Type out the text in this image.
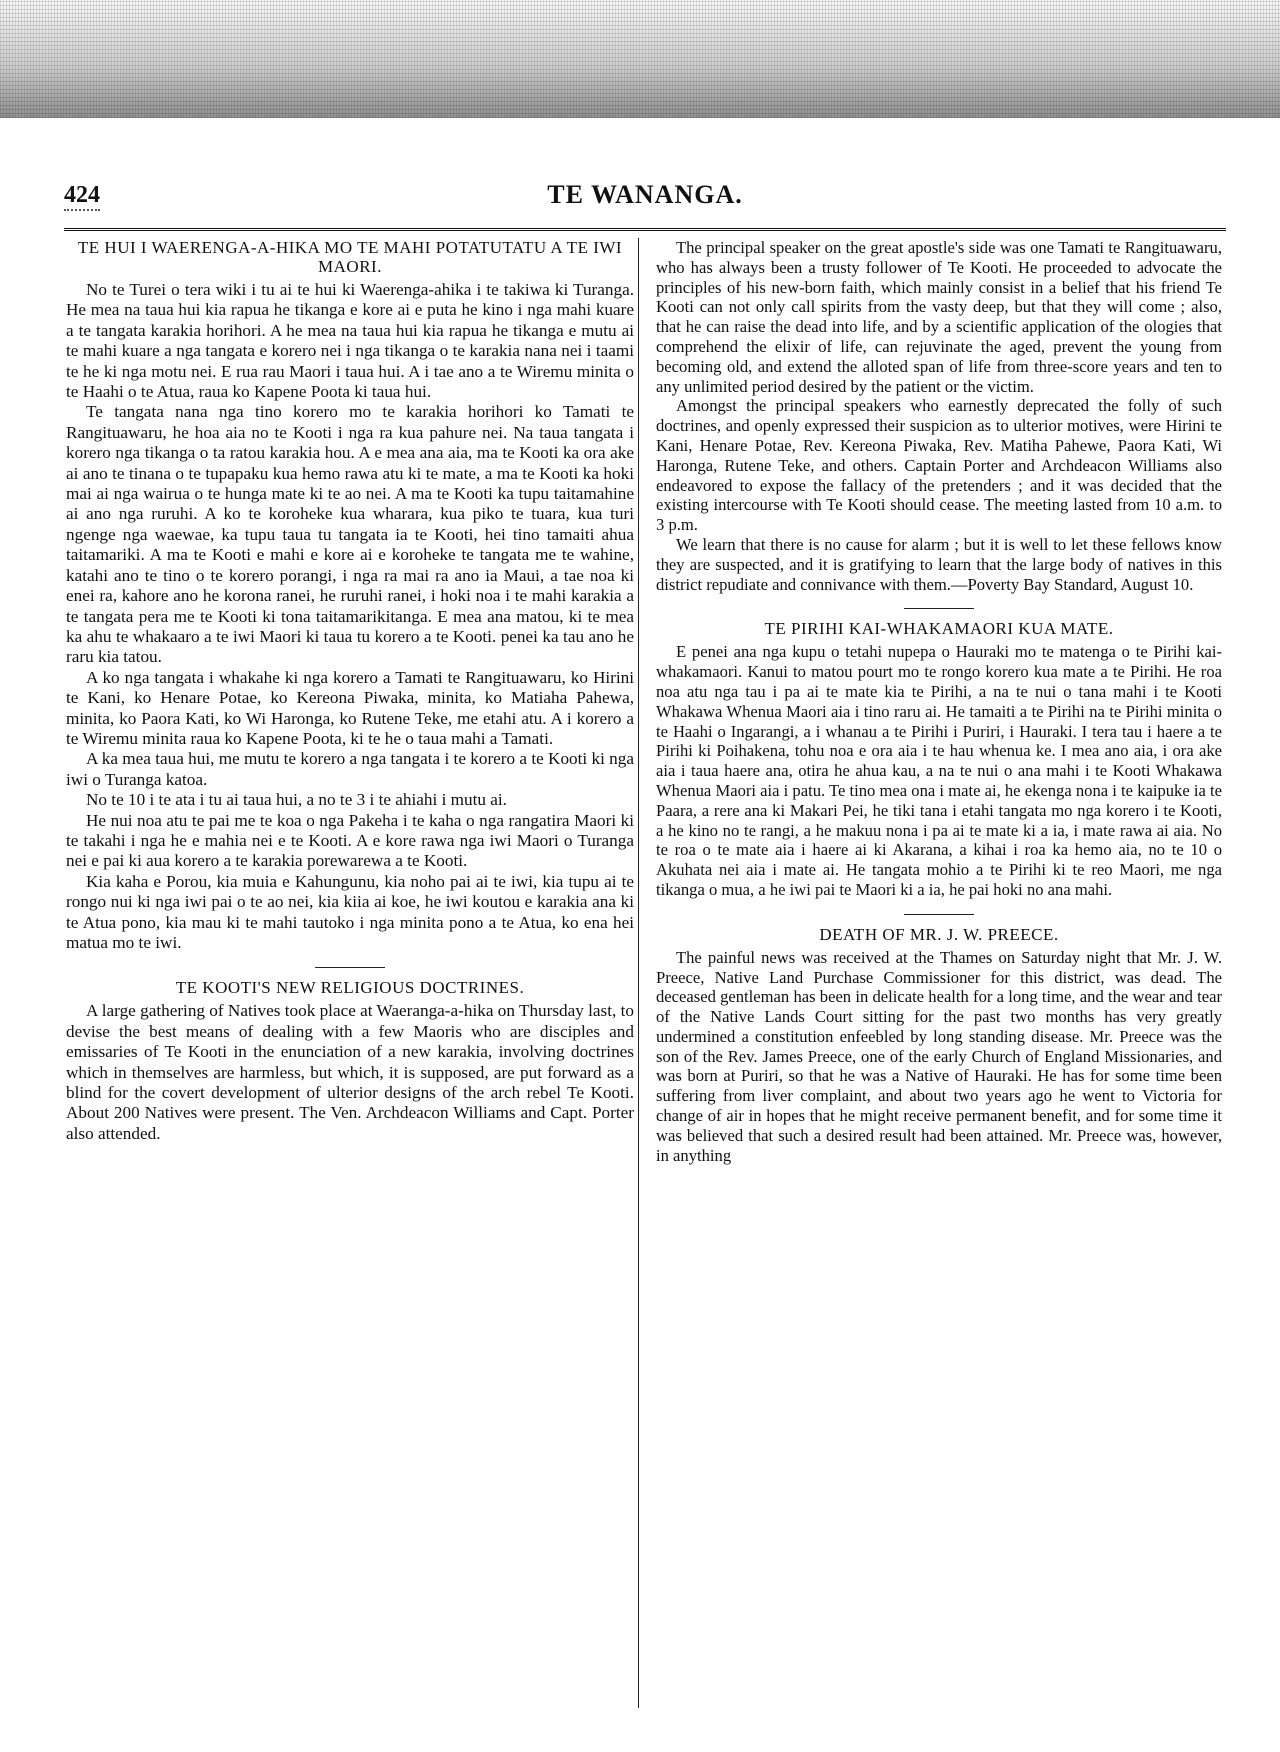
424	TE WANANGA.
TE HUI I WAERENGA-A-HIKA MO TE MAHI POTATUTATU A TE IWI MAORI.

No te Turei o tera wiki i tu ai te hui ki Waerenga-ahika i te takiwa ki Turanga. He mea na taua hui kia rapua he tikanga e kore ai e puta he kino i nga mahi kuare a te tangata karakia horihori. A he mea na taua hui kia rapua he tikanga e mutu ai te mahi kuare a nga tangata e korero nei i nga tikanga o te karakia nana nei i taami te he ki nga motu nei. E rua rau Maori i taua hui. A i tae ano a te Wiremu minita o te Haahi o te Atua, raua ko Kapene Poota ki taua hui.

Te tangata nana nga tino korero mo te karakia horihori ko Tamati te Rangituawaru, he hoa aia no te Kooti i nga ra kua pahure nei. Na taua tangata i korero nga tikanga o ta ratou karakia hou. A e mea ana aia, ma te Kooti ka ora ake ai ano te tinana o te tupapaku kua hemo rawa atu ki te mate, a ma te Kooti ka hoki mai ai nga wairua o te hunga mate ki te ao nei. A ma te Kooti ka tupu taitamahine ai ano nga ruruhi. A ko te koroheke kua wharara, kua piko te tuara, kua turi ngenge nga waewae, ka tupu taua tu tangata ia te Kooti, hei tino tamaiti ahua taitamariki. A ma te Kooti e mahi e kore ai e koroheke te tangata me te wahine, katahi ano te tino o te korero porangi, i nga ra mai ra ano ia Maui, a tae noa ki enei ra, kahore ano he korona ranei, he ruruhi ranei, i hoki noa i te mahi karakia a te tangata pera me te Kooti ki tona taitamarikitanga. E mea ana matou, ki te mea ka ahu te whakaaro a te iwi Maori ki taua tu korero a te Kooti. penei ka tau ano he raru kia tatou.

A ko nga tangata i whakahe ki nga korero a Tamati te Rangituawaru, ko Hirini te Kani, ko Henare Potae, ko Kereona Piwaka, minita, ko Matiaha Pahewa, minita, ko Paora Kati, ko Wi Haronga, ko Rutene Teke, me etahi atu. A i korero a te Wiremu minita raua ko Kapene Poota, ki te he o taua mahi a Tamati.

A ka mea taua hui, me mutu te korero a nga tangata i te korero a te Kooti ki nga iwi o Turanga katoa.

No te 10 i te ata i tu ai taua hui, a no te 3 i te ahiahi i mutu ai.

He nui noa atu te pai me te koa o nga Pakeha i te kaha o nga rangatira Maori ki te takahi i nga he e mahia nei e te Kooti. A e kore rawa nga iwi Maori o Turanga nei e pai ki aua korero a te karakia porewarewa a te Kooti.

Kia kaha e Porou, kia muia e Kahungunu, kia noho pai ai te iwi, kia tupu ai te rongo nui ki nga iwi pai o te ao nei, kia kiia ai koe, he iwi koutou e karakia ana ki te Atua pono, kia mau ki te mahi tautoko i nga minita pono a te Atua, ko ena hei matua mo te iwi.

TE KOOTI'S NEW RELIGIOUS DOCTRINES.

A large gathering of Natives took place at Waeranga-a-hika on Thursday last, to devise the best means of dealing with a few Maoris who are disciples and emissaries of Te Kooti in the enunciation of a new karakia, involving doctrines which in themselves are harmless, but which, it is supposed, are put forward as a blind for the covert development of ulterior designs of the arch rebel Te Kooti. About 200 Natives were present. The Ven. Archdeacon Williams and Capt. Porter also attended.

The principal speaker on the great apostle's side was one Tamati te Rangituawaru, who has always been a trusty follower of Te Kooti. He proceeded to advocate the principles of his new-born faith, which mainly consist in a belief that his friend Te Kooti can not only call spirits from the vasty deep, but that they will come ; also, that he can raise the dead into life, and by a scientific application of the ologies that comprehend the elixir of life, can rejuvinate the aged, prevent the young from becoming old, and extend the alloted span of life from three-score years and ten to any unlimited period desired by the patient or the victim.

Amongst the principal speakers who earnestly deprecated the folly of such doctrines, and openly expressed their suspicion as to ulterior motives, were Hirini te Kani, Henare Potae, Rev. Kereona Piwaka, Rev. Matiha Pahewe, Paora Kati, Wi Haronga, Rutene Teke, and others. Captain Porter and Archdeacon Williams also endeavored to expose the fallacy of the pretenders ; and it was decided that the existing intercourse with Te Kooti should cease. The meeting lasted from 10 a.m. to 3 p.m.

We learn that there is no cause for alarm ; but it is well to let these fellows know they are suspected, and it is gratifying to learn that the large body of natives in this district repudiate and connivance with them.—Poverty Bay Standard, August 10.

TE PIRIHI KAI-WHAKAMAORI KUA MATE.

E penei ana nga kupu o tetahi nupepa o Hauraki mo te matenga o te Pirihi kai-whakamaori. Kanui to matou pourt mo te rongo korero kua mate a te Pirihi. He roa noa atu nga tau i pa ai te mate kia te Pirihi, a na te nui o tana mahi i te Kooti Whakawa Whenua Maori aia i tino raru ai. He tamaiti a te Pirihi na te Pirihi minita o te Haahi o Ingarangi, a i whanau a te Pirihi i Puriri, i Hauraki. I tera tau i haere a te Pirihi ki Poihakena, tohu noa e ora aia i te hau whenua ke. I mea ano aia, i ora ake aia i taua haere ana, otira he ahua kau, a na te nui o ana mahi i te Kooti Whakawa Whenua Maori aia i patu. Te tino mea ona i mate ai, he ekenga nona i te kaipuke ia te Paara, a rere ana ki Makari Pei, he tiki tana i etahi tangata mo nga korero i te Kooti, a he kino no te rangi, a he makuu nona i pa ai te mate ki a ia, i mate rawa ai aia. No te roa o te mate aia i haere ai ki Akarana, a kihai i roa ka hemo aia, no te 10 o Akuhata nei aia i mate ai. He tangata mohio a te Pirihi ki te reo Maori, me nga tikanga o mua, a he iwi pai te Maori ki a ia, he pai hoki no ana mahi.

DEATH OF MR. J. W. PREECE.

The painful news was received at the Thames on Saturday night that Mr. J. W. Preece, Native Land Purchase Commissioner for this district, was dead. The deceased gentleman has been in delicate health for a long time, and the wear and tear of the Native Lands Court sitting for the past two months has very greatly undermined a constitution enfeebled by long standing disease. Mr. Preece was the son of the Rev. James Preece, one of the early Church of England Missionaries, and was born at Puriri, so that he was a Native of Hauraki. He has for some time been suffering from liver complaint, and about two years ago he went to Victoria for change of air in hopes that he might receive permanent benefit, and for some time it was believed that such a desired result had been attained. Mr. Preece was, however, in anything
